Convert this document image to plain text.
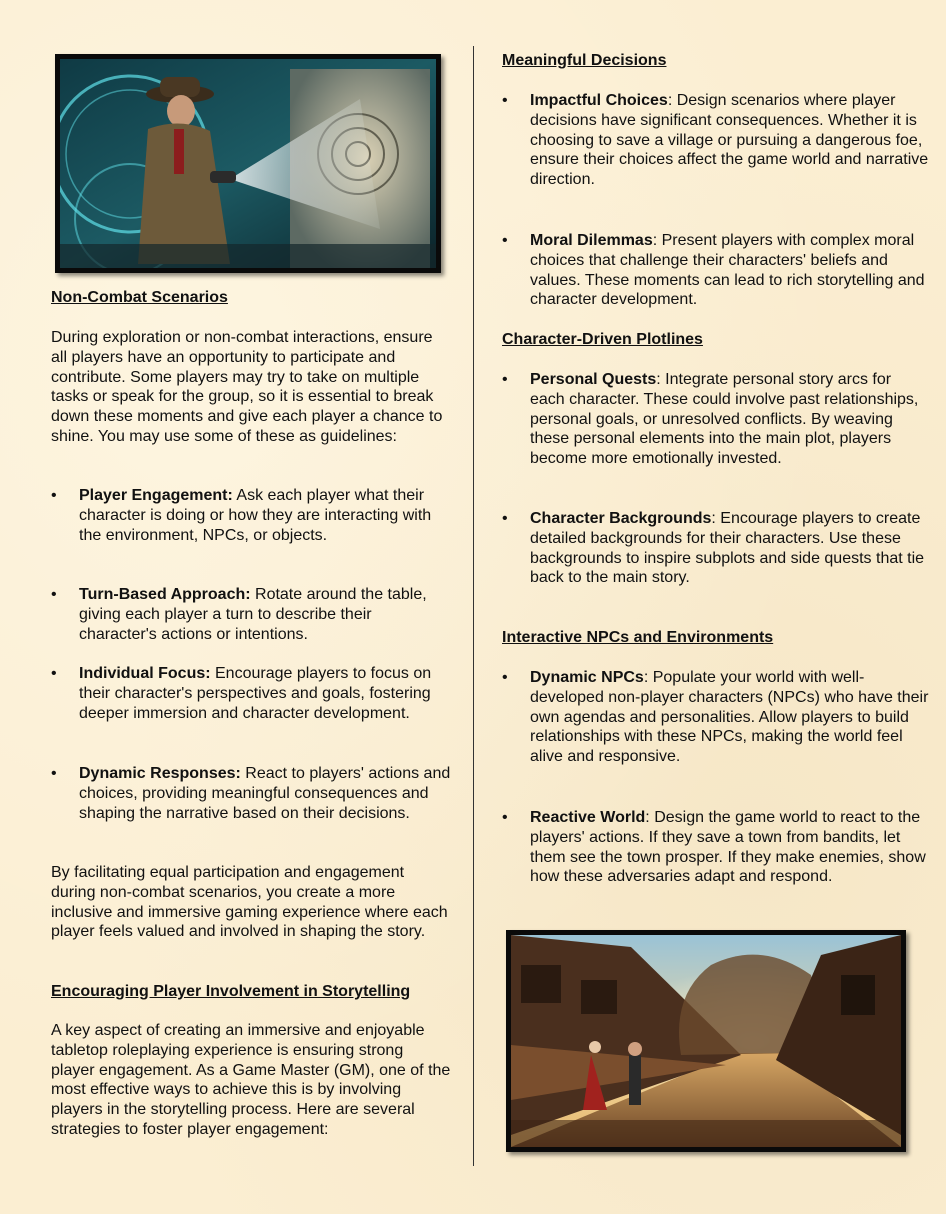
Non-Combat Scenarios

During exploration or non-combat interactions, ensure all players have an opportunity to participate and contribute. Some players may try to take on multiple tasks or speak for the group, so it is essential to break down these moments and give each player a chance to shine. You may use some of these as guidelines:

• Player Engagement: Ask each player what their character is doing or how they are interacting with the environment, NPCs, or objects.
• Turn-Based Approach: Rotate around the table, giving each player a turn to describe their character's actions or intentions.
• Individual Focus: Encourage players to focus on their character's perspectives and goals, fostering deeper immersion and character development.
• Dynamic Responses: React to players' actions and choices, providing meaningful consequences and shaping the narrative based on their decisions.

By facilitating equal participation and engagement during non-combat scenarios, you create a more inclusive and immersive gaming experience where each player feels valued and involved in shaping the story.

Encouraging Player Involvement in Storytelling

A key aspect of creating an immersive and enjoyable tabletop roleplaying experience is ensuring strong player engagement. As a Game Master (GM), one of the most effective ways to achieve this is by involving players in the storytelling process. Here are several strategies to foster player engagement:

Meaningful Decisions
• Impactful Choices: Design scenarios where player decisions have significant consequences. Whether it is choosing to save a village or pursuing a dangerous foe, ensure their choices affect the game world and narrative direction.
• Moral Dilemmas: Present players with complex moral choices that challenge their characters' beliefs and values. These moments can lead to rich storytelling and character development.
Character-Driven Plotlines
• Personal Quests: Integrate personal story arcs for each character. These could involve past relationships, personal goals, or unresolved conflicts. By weaving these personal elements into the main plot, players become more emotionally invested.
• Character Backgrounds: Encourage players to create detailed backgrounds for their characters. Use these backgrounds to inspire subplots and side quests that tie back to the main story.
Interactive NPCs and Environments
• Dynamic NPCs: Populate your world with well-developed non-player characters (NPCs) who have their own agendas and personalities. Allow players to build relationships with these NPCs, making the world feel alive and responsive.
• Reactive World: Design the game world to react to the players' actions. If they save a town from bandits, let them see the town prosper. If they make enemies, show how these adversaries adapt and respond.
